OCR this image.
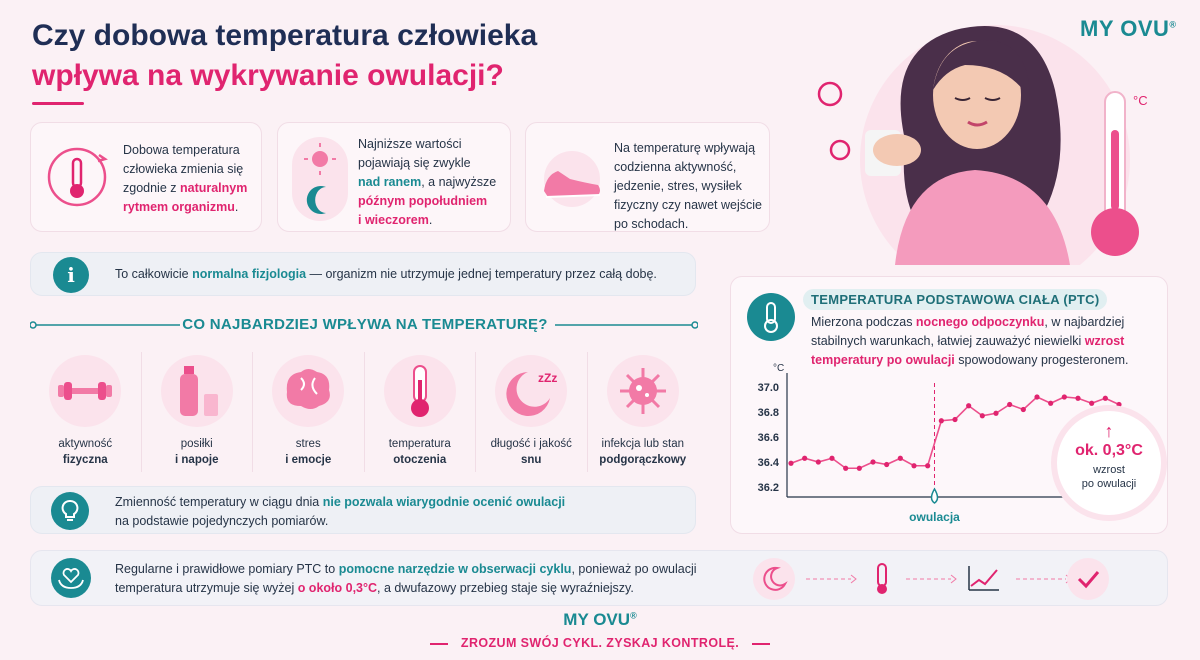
Czy dobowa temperatura człowieka
wpływa na wykrywanie owulacji?
MY OVU®
°C
Dobowa temperatura
człowieka zmienia się
zgodnie z naturalnym
rytmem organizmu.
Najniższe wartości
pojawiają się zwykle
nad ranem, a najwyższe
późnym popołudniem
i wieczorem.
Na temperaturę wpływają
codzienna aktywność,
jedzenie, stres, wysiłek
fizyczny czy nawet wejście
po schodach.
i	To całkowicie normalna fizjologia — organizm nie utrzymuje jednej temperatury przez całą dobę.
CO NAJBARDZIEJ WPŁYWA NA TEMPERATURĘ?
aktywność
fizyczna
posiłki
i napoje
stres
i emocje
temperatura
otoczenia
zZz
długość i jakość
snu
infekcja lub stan
podgorączkowy
Zmienność temperatury w ciągu dnia nie pozwala wiarygodnie ocenić owulacji
na podstawie pojedynczych pomiarów.
Regularne i prawidłowe pomiary PTC to pomocne narzędzie w obserwacji cyklu, ponieważ po owulacji
temperatura utrzymuje się wyżej o około 0,3°C, a dwufazowy przebieg staje się wyraźniejszy.
TEMPERATURA PODSTAWOWA CIAŁA (PTC)
Mierzona podczas nocnego odpoczynku, w najbardziej
stabilnych warunkach, łatwiej zauważyć niewielki wzrost
temperatury po owulacji spowodowany progesteronem.
°C
37.0
36.8
36.6
36.4
36.2
owulacja
↑
ok. 0,3°C
wzrost
po owulacji
MY OVU®
ZROZUM SWÓJ CYKL. ZYSKAJ KONTROLĘ.
